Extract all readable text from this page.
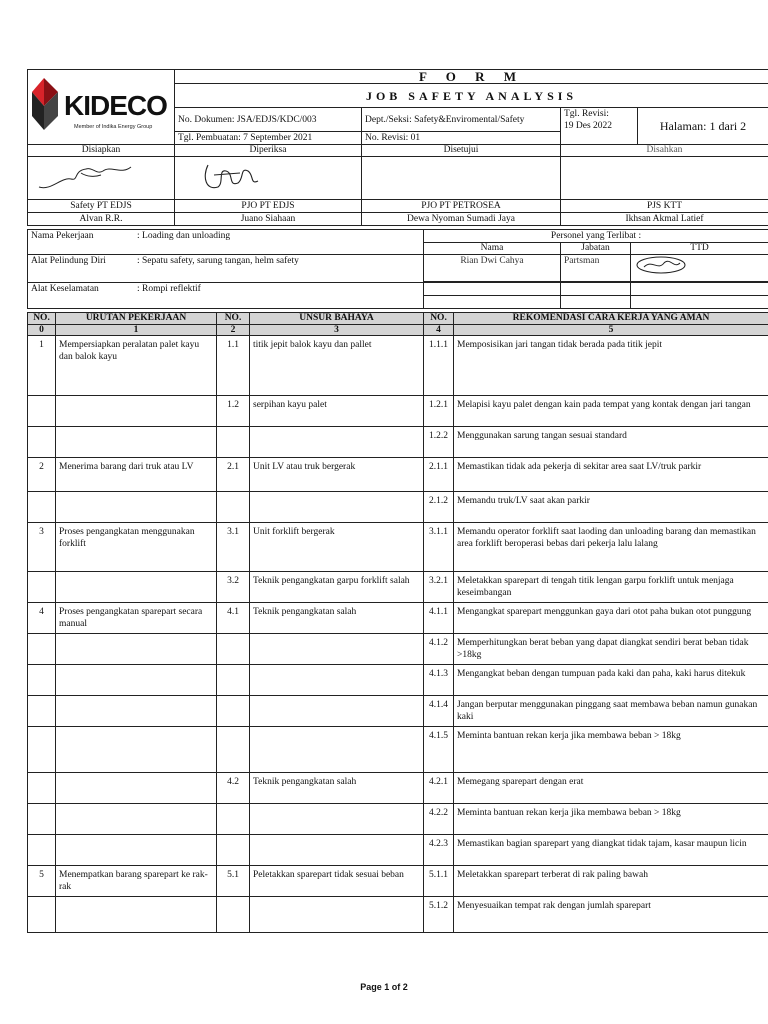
KIDECO
Member of Indika Energy Group	F O R M			
	JOB SAFETY ANALYSIS			
	No. Dokumen: JSA/EDJS/KDC/003	Dept./Seksi: Safety&Enviromental/Safety	Tgl. Revisi:
19 Des 2022	Halaman: 1 dari 2
	Tgl. Pembuatan: 7 September 2021	No. Revisi: 01		
Disiapkan	Diperiksa	Disetujui	Disahkan

Safety PT EDJS	PJO PT EDJS	PJO PT PETROSEA	PJS KTT
Alvan R.R.	Juano Siahaan	Dewa Nyoman Sumadi Jaya	Ikhsan Akmal Latief
Nama Pekerjaan : Loading dan unloading	Personel yang Terlibat :		
	Nama	Jabatan	TTD
Alat Pelindung Diri : Sepatu safety, sarung tangan, helm safety	Rian Dwi Cahya	Partsman	

Alat Keselamatan : Rompi reflektif			

NO.	URUTAN PEKERJAAN	NO.	UNSUR BAHAYA	NO.	REKOMENDASI CARA KERJA YANG AMAN
0	1	2	3	4	5
1	Mempersiapkan peralatan palet kayu dan balok kayu	1.1	titik jepit balok kayu dan pallet	1.1.1	Memposisikan jari tangan tidak berada pada titik jepit
		1.2	serpihan kayu palet	1.2.1	Melapisi kayu palet dengan kain pada tempat yang kontak dengan jari tangan
				1.2.2	Menggunakan sarung tangan sesuai standard
2	Menerima barang dari truk atau LV	2.1	Unit LV atau truk bergerak	2.1.1	Memastikan tidak ada pekerja di sekitar area saat LV/truk parkir
				2.1.2	Memandu truk/LV saat akan parkir
3	Proses pengangkatan menggunakan forklift	3.1	Unit forklift bergerak	3.1.1	Memandu operator forklift saat laoding dan unloading barang dan memastikan area forklift beroperasi bebas dari pekerja lalu lalang
		3.2	Teknik pengangkatan garpu forklift salah	3.2.1	Meletakkan sparepart di tengah titik lengan garpu forklift untuk menjaga keseimbangan
4	Proses pengangkatan sparepart secara manual	4.1	Teknik pengangkatan salah	4.1.1	Mengangkat sparepart menggunkan gaya dari otot paha bukan otot punggung
				4.1.2	Memperhitungkan berat beban yang dapat diangkat sendiri berat beban tidak >18kg
				4.1.3	Mengangkat beban dengan tumpuan pada kaki dan paha, kaki harus ditekuk
				4.1.4	Jangan berputar menggunakan pinggang saat membawa beban namun gunakan kaki
				4.1.5	Meminta bantuan rekan kerja jika membawa beban > 18kg
		4.2	Teknik pengangkatan salah	4.2.1	Memegang sparepart dengan erat
				4.2.2	Meminta bantuan rekan kerja jika membawa beban > 18kg
				4.2.3	Memastikan bagian sparepart yang diangkat tidak tajam, kasar maupun licin
5	Menempatkan barang sparepart ke rak-rak	5.1	Peletakkan sparepart tidak sesuai beban	5.1.1	Meletakkan sparepart terberat di rak paling bawah
				5.1.2	Menyesuaikan tempat rak dengan jumlah sparepart
Page 1 of 2
